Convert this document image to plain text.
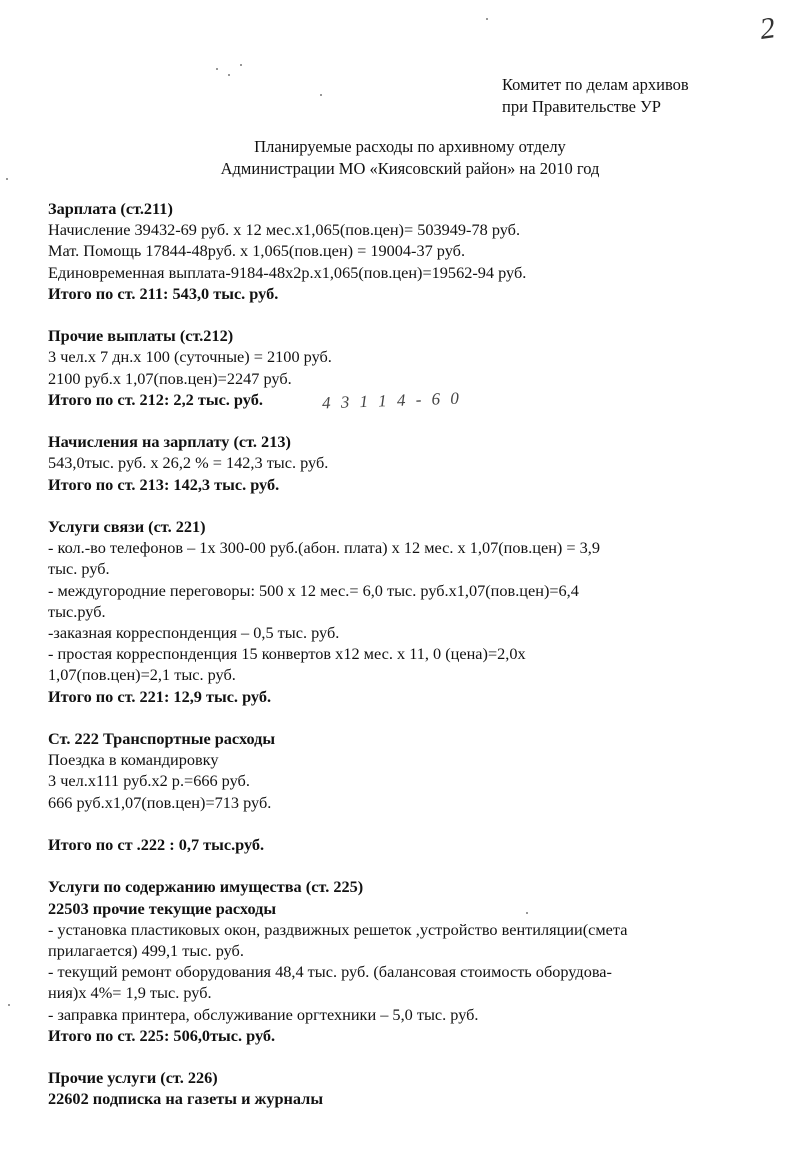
2
Комитет по делам архивов
при Правительстве УР
Планируемые расходы по архивному отделу
Администрации МО «Киясовский район» на 2010 год
4 3 1 1 4 - 6 0
Зарплата (ст.211)
Начисление 39432-69 руб. х 12 мес.х1,065(пов.цен)= 503949-78 руб.
Мат. Помощь 17844-48руб. х 1,065(пов.цен) = 19004-37 руб.
Единовременная выплата-9184-48х2р.х1,065(пов.цен)=19562-94 руб.
Итого по ст. 211: 543,0 тыс. руб.
Прочие выплаты (ст.212)
3 чел.х 7 дн.х 100 (суточные) = 2100 руб.
2100 руб.х 1,07(пов.цен)=2247 руб.
Итого по ст. 212: 2,2 тыс. руб.
Начисления на зарплату (ст. 213)
543,0тыс. руб. х 26,2 % = 142,3 тыс. руб.
Итого по ст. 213: 142,3 тыс. руб.
Услуги связи (ст. 221)
- кол.-во телефонов – 1х 300-00 руб.(абон. плата) х 12 мес. х 1,07(пов.цен) = 3,9
тыс. руб.
- междугородние переговоры: 500 х 12 мес.= 6,0 тыс. руб.х1,07(пов.цен)=6,4
тыс.руб.
-заказная корреспонденция – 0,5 тыс. руб.
- простая корреспонденция 15 конвертов х12 мес. х 11, 0 (цена)=2,0х
1,07(пов.цен)=2,1 тыс. руб.
Итого по ст. 221: 12,9 тыс. руб.
Ст. 222 Транспортные расходы
Поездка в командировку
3 чел.х111 руб.х2 р.=666 руб.
666 руб.х1,07(пов.цен)=713 руб.
Итого по ст .222 : 0,7 тыс.руб.
Услуги по содержанию имущества (ст. 225)
22503 прочие текущие расходы
- установка пластиковых окон, раздвижных решеток ,устройство вентиляции(смета
прилагается) 499,1 тыс. руб.
- текущий ремонт оборудования 48,4 тыс. руб. (балансовая стоимость оборудова-
ния)х 4%= 1,9 тыс. руб.
- заправка принтера, обслуживание оргтехники – 5,0 тыс. руб.
Итого по ст. 225: 506,0тыс. руб.
Прочие услуги (ст. 226)
22602 подписка на газеты и журналы
